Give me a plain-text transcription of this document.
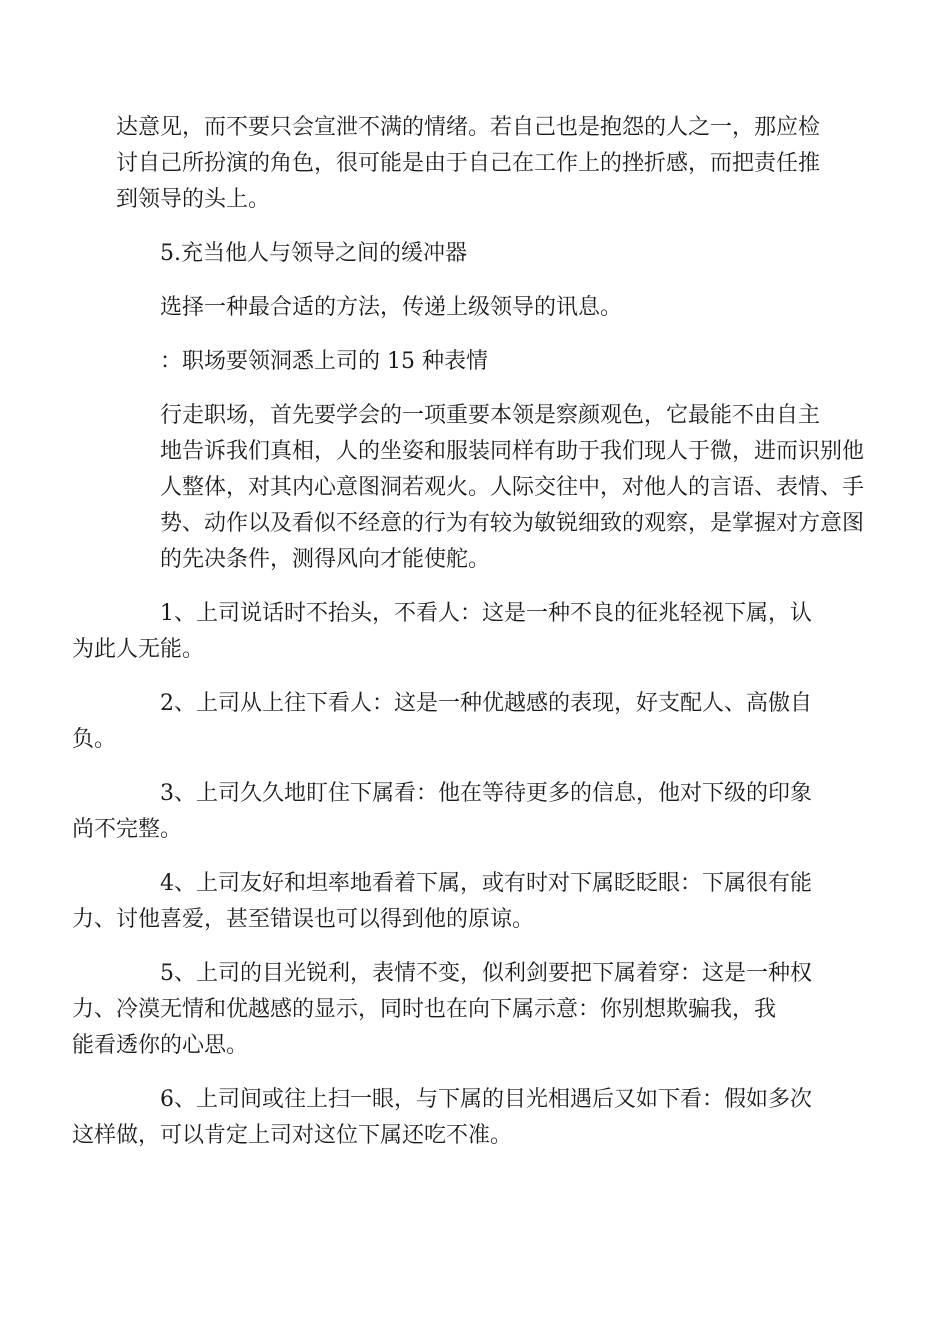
达意见，而不要只会宣泄不满的情绪。若自己也是抱怨的人之一，那应检
讨自己所扮演的角色，很可能是由于自己在工作上的挫折感，而把责任推
到领导的头上。

5.充当他人与领导之间的缓冲器

选择一种最合适的方法，传递上级领导的讯息。

：职场要领洞悉上司的 15 种表情

行走职场，首先要学会的一项重要本领是察颜观色，它最能不由自主
地告诉我们真相，人的坐姿和服装同样有助于我们现人于微，进而识别他
人整体，对其内心意图洞若观火。人际交往中，对他人的言语、表情、手
势、动作以及看似不经意的行为有较为敏锐细致的观察，是掌握对方意图
的先决条件，测得风向才能使舵。

1、上司说话时不抬头，不看人：这是一种不良的征兆轻视下属，认
为此人无能。

2、上司从上往下看人：这是一种优越感的表现，好支配人、高傲自
负。

3、上司久久地盯住下属看：他在等待更多的信息，他对下级的印象
尚不完整。

4、上司友好和坦率地看着下属，或有时对下属眨眨眼：下属很有能
力、讨他喜爱，甚至错误也可以得到他的原谅。

5、上司的目光锐利，表情不变，似利剑要把下属着穿：这是一种权
力、冷漠无情和优越感的显示，同时也在向下属示意：你别想欺骗我，我
能看透你的心思。

6、上司间或往上扫一眼，与下属的目光相遇后又如下看：假如多次
这样做，可以肯定上司对这位下属还吃不准。
